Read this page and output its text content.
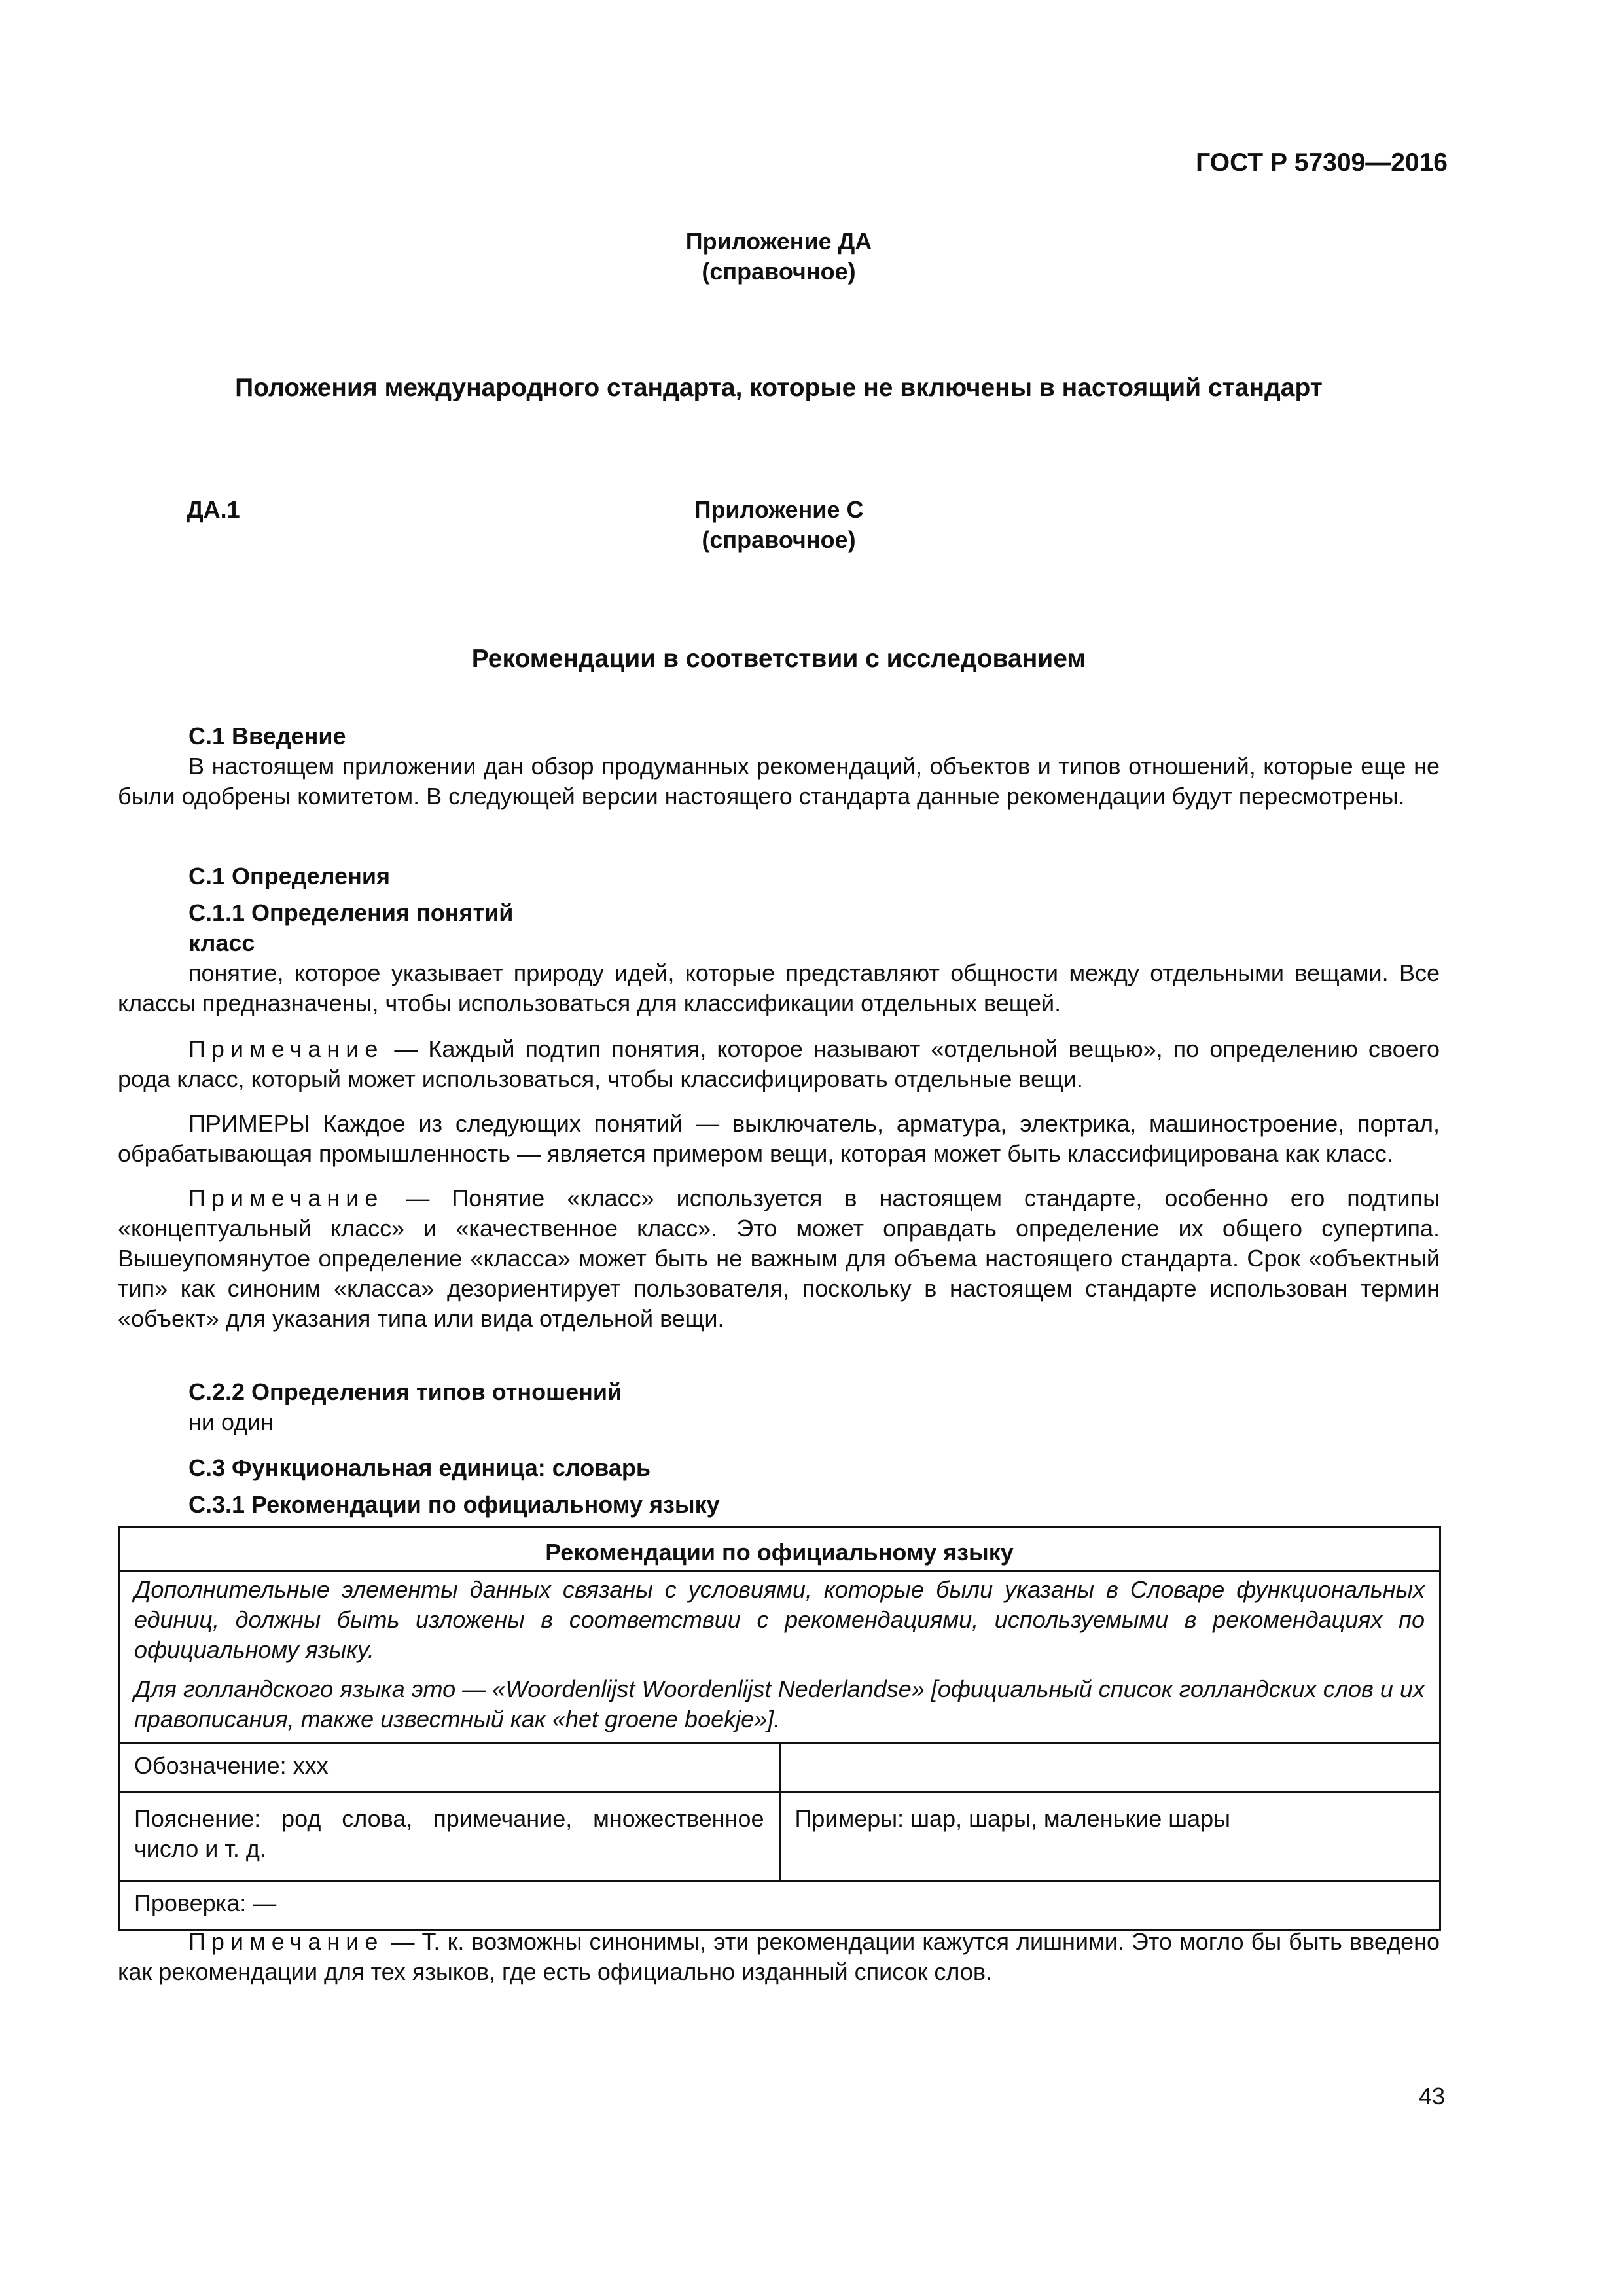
ГОСТ Р 57309—2016
Приложение ДА
(справочное)
Положения международного стандарта, которые не включены в настоящий стандарт
ДА.1	Приложение С
(справочное)
Рекомендации в соответствии с исследованием
С.1 Введение

В настоящем приложении дан обзор продуманных рекомендаций, объектов и типов отношений, которые еще не были одобрены комитетом. В следующей версии настоящего стандарта данные рекомендации будут пересмотрены.

С.1 Определения
С.1.1 Определения понятий
класс

понятие, которое указывает природу идей, которые представляют общности между отдельными вещами. Все классы предназначены, чтобы использоваться для классификации отдельных вещей.

Примечание — Каждый подтип понятия, которое называют «отдельной вещью», по определению своего рода класс, который может использоваться, чтобы классифицировать отдельные вещи.

ПРИМЕРЫ Каждое из следующих понятий — выключатель, арматура, электрика, машиностроение, портал, обрабатывающая промышленность — является примером вещи, которая может быть классифицирована как класс.

Примечание — Понятие «класс» используется в настоящем стандарте, особенно его подтипы «концептуальный класс» и «качественное класс». Это может оправдать определение их общего супертипа. Вышеупомянутое определение «класса» может быть не важным для объема настоящего стандарта. Срок «объектный тип» как синоним «класса» дезориентирует пользователя, поскольку в настоящем стандарте использован термин «объект» для указания типа или вида отдельной вещи.

С.2.2 Определения типов отношений
ни один
С.3 Функциональная единица: словарь
С.3.1 Рекомендации по официальному языку
Рекомендации по официальному языку	

Дополнительные элементы данных связаны с условиями, которые были указаны в Словаре функциональных единиц, должны быть изложены в соответствии с рекомендациями, используемыми в рекомендациях по официальному языку.

Для голландского языка это — «Woordenlijst Woordenlijst Nederlandse» [официальный список голландских слов и их правописания, также известный как «het groene boekje»].	

Обозначение: ххх	
Пояснение: род слова, примечание, множественное число и т. д.	Примеры: шар, шары, маленькие шары
Проверка: —	

Примечание — Т. к. возможны синонимы, эти рекомендации кажутся лишними. Это могло бы быть введено как рекомендации для тех языков, где есть официально изданный список слов.

43
